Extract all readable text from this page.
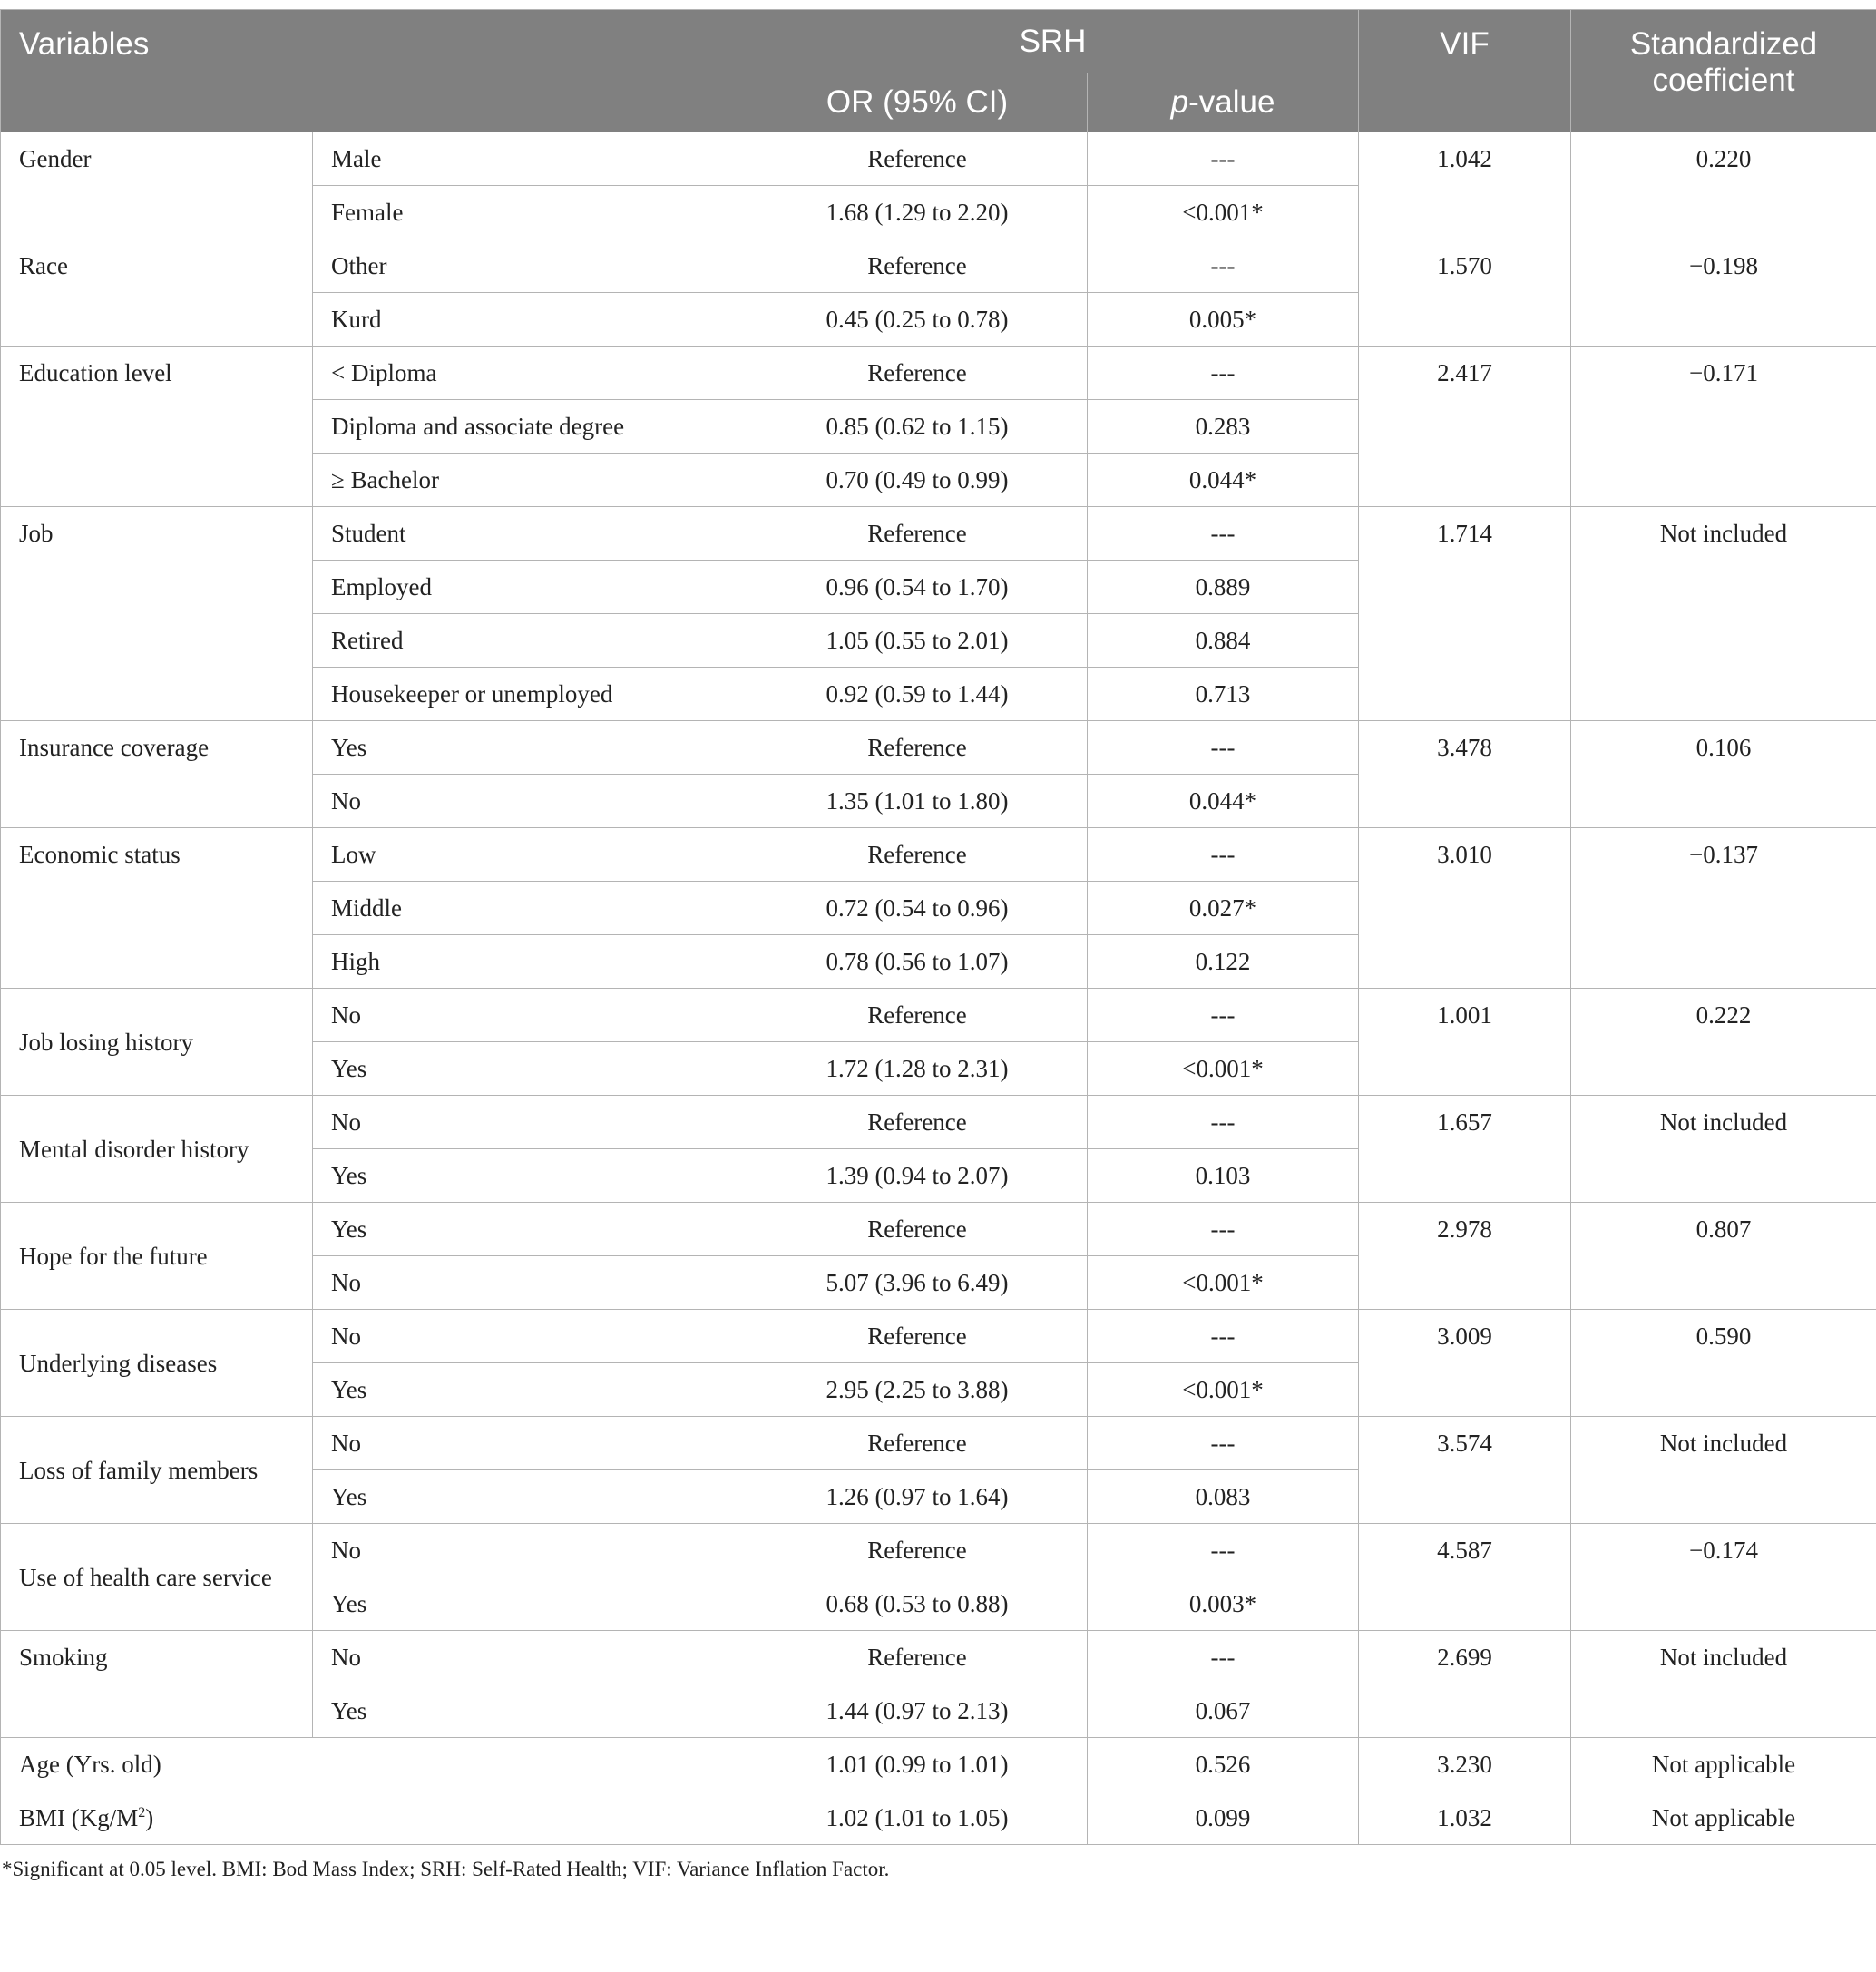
Variables		SRH		VIF	Standardized
coefficient
		OR (95% CI)	p-value		
Gender	Male	Reference	---	1.042	0.220
	Female	1.68 (1.29 to 2.20)	<0.001*		
Race	Other	Reference	---	1.570	−0.198
	Kurd	0.45 (0.25 to 0.78)	0.005*		
Education level	< Diploma	Reference	---	2.417	−0.171
	Diploma and associate degree	0.85 (0.62 to 1.15)	0.283		
	≥ Bachelor	0.70 (0.49 to 0.99)	0.044*		
Job	Student	Reference	---	1.714	Not included
	Employed	0.96 (0.54 to 1.70)	0.889		
	Retired	1.05 (0.55 to 2.01)	0.884		
	Housekeeper or unemployed	0.92 (0.59 to 1.44)	0.713		
Insurance coverage	Yes	Reference	---	3.478	0.106
	No	1.35 (1.01 to 1.80)	0.044*		
Economic status	Low	Reference	---	3.010	−0.137
	Middle	0.72 (0.54 to 0.96)	0.027*		
	High	0.78 (0.56 to 1.07)	0.122		
Job losing history	No	Reference	---	1.001	0.222
	Yes	1.72 (1.28 to 2.31)	<0.001*		
Mental disorder history	No	Reference	---	1.657	Not included
	Yes	1.39 (0.94 to 2.07)	0.103		
Hope for the future	Yes	Reference	---	2.978	0.807
	No	5.07 (3.96 to 6.49)	<0.001*		
Underlying diseases	No	Reference	---	3.009	0.590
	Yes	2.95 (2.25 to 3.88)	<0.001*		
Loss of family members	No	Reference	---	3.574	Not included
	Yes	1.26 (0.97 to 1.64)	0.083		
Use of health care service	No	Reference	---	4.587	−0.174
	Yes	0.68 (0.53 to 0.88)	0.003*		
Smoking	No	Reference	---	2.699	Not included
	Yes	1.44 (0.97 to 2.13)	0.067		
Age (Yrs. old)		1.01 (0.99 to 1.01)	0.526	3.230	Not applicable
BMI $(Kg/M^2)$		1.02 (1.01 to 1.05)	0.099	1.032	Not applicable
*Significant at 0.05 level. BMI: Bod Mass Index; SRH: Self-Rated Health; VIF: Variance Inflation Factor.
